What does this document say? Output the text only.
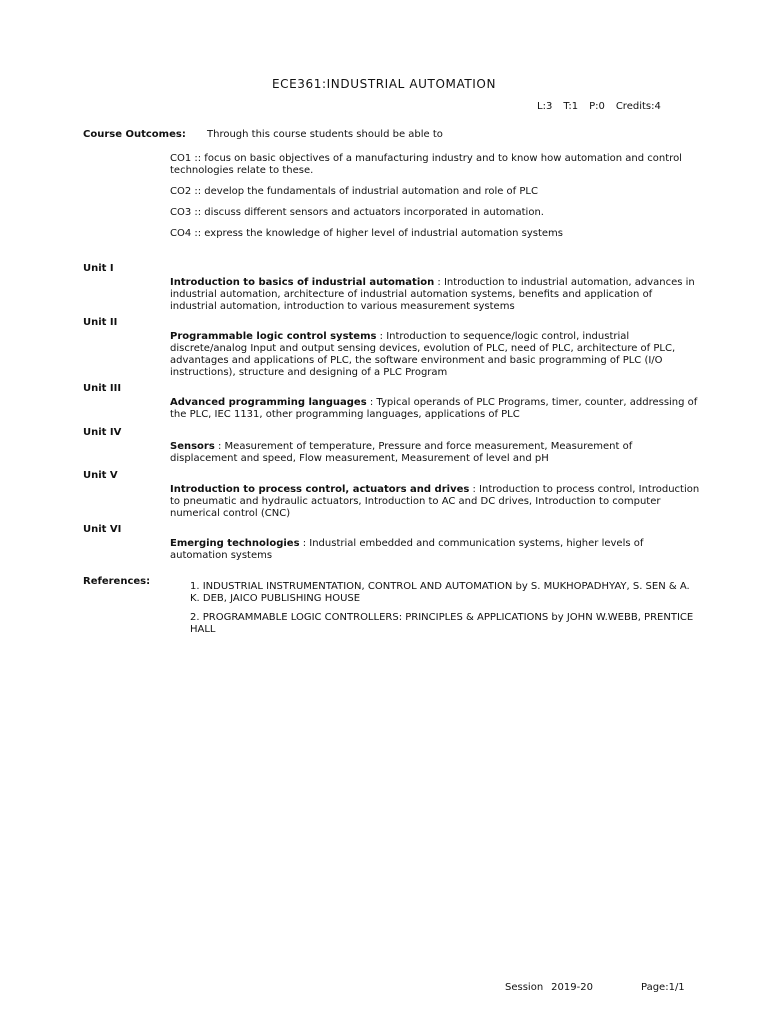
ECE361:INDUSTRIAL AUTOMATION
L:3 T:1 P:0 Credits:4
Course Outcomes: Through this course students should be able to
CO1 :: focus on basic objectives of a manufacturing industry and to know how automation and control technologies relate to these.
CO2 :: develop the fundamentals of industrial automation and role of PLC
CO3 :: discuss different sensors and actuators incorporated in automation.
CO4 :: express the knowledge of higher level of industrial automation systems
Unit I
Introduction to basics of industrial automation : Introduction to industrial automation, advances in industrial automation, architecture of industrial automation systems, benefits and application of industrial automation, introduction to various measurement systems
Unit II
Programmable logic control systems : Introduction to sequence/logic control, industrial discrete/analog Input and output sensing devices, evolution of PLC, need of PLC, architecture of PLC, advantages and applications of PLC, the software environment and basic programming of PLC (I/O instructions), structure and designing of a PLC Program
Unit III
Advanced programming languages : Typical operands of PLC Programs, timer, counter, addressing of the PLC, IEC 1131, other programming languages, applications of PLC
Unit IV
Sensors : Measurement of temperature, Pressure and force measurement, Measurement of displacement and speed, Flow measurement, Measurement of level and pH
Unit V
Introduction to process control, actuators and drives : Introduction to process control, Introduction to pneumatic and hydraulic actuators, Introduction to AC and DC drives, Introduction to computer numerical control (CNC)
Unit VI
Emerging technologies : Industrial embedded and communication systems, higher levels of automation systems
References:	1. INDUSTRIAL INSTRUMENTATION, CONTROL AND AUTOMATION by S. MUKHOPADHYAY, S. SEN & A. K. DEB, JAICO PUBLISHING HOUSE
2. PROGRAMMABLE LOGIC CONTROLLERS: PRINCIPLES & APPLICATIONS by JOHN W.WEBB, PRENTICE HALL
Session 2019-20	Page:1/1
